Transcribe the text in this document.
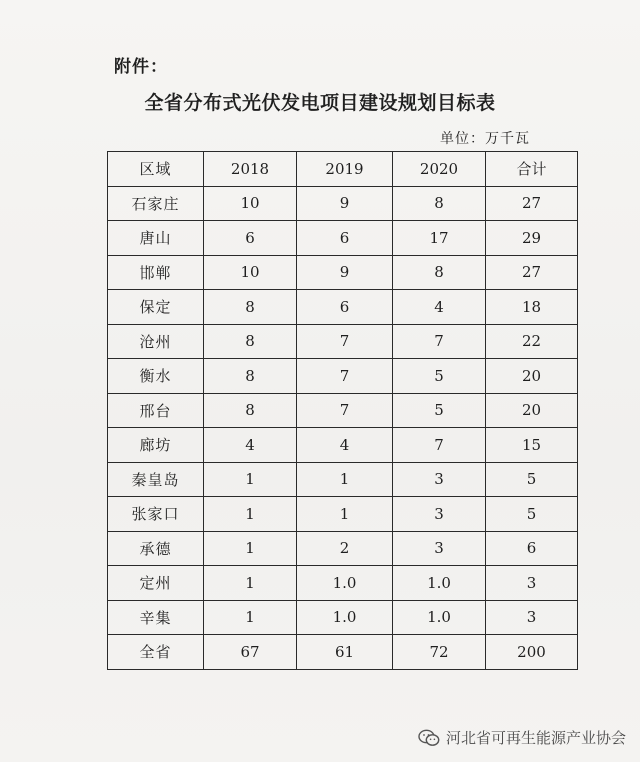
附件：
全省分布式光伏发电项目建设规划目标表
单位：万千瓦
区域	2018	2019	2020	合计
石家庄	10	9	8	27
唐山	6	6	17	29
邯郸	10	9	8	27
保定	8	6	4	18
沧州	8	7	7	22
衡水	8	7	5	20
邢台	8	7	5	20
廊坊	4	4	7	15
秦皇岛	1	1	3	5
张家口	1	1	3	5
承德	1	2	3	6
定州	1	1.0	1.0	3
辛集	1	1.0	1.0	3
全省	67	61	72	200
河北省可再生能源产业协会
